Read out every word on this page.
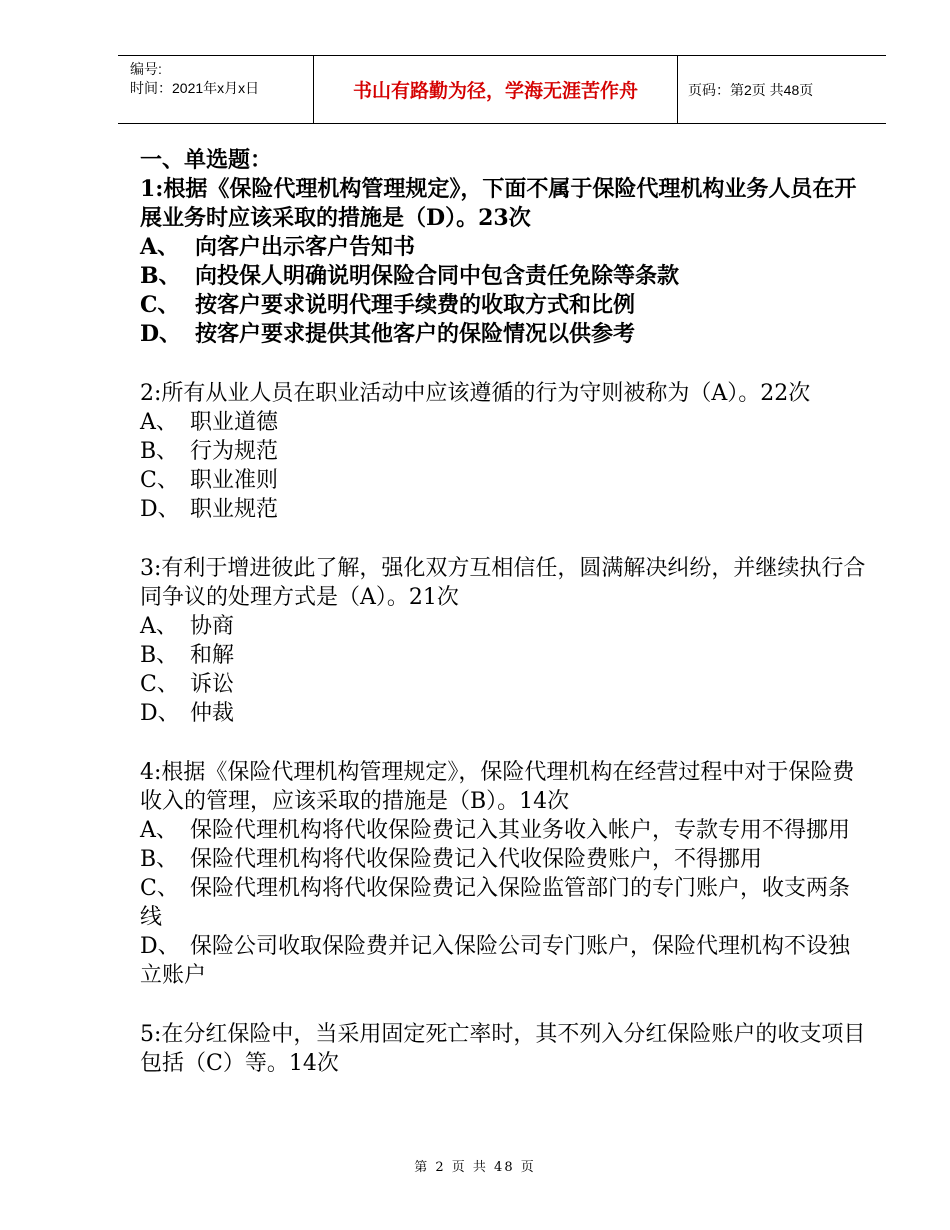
编号:
时间：2021年x月x日	书山有路勤为径，学海无涯苦作舟	页码：第2页 共48页
一、单选题：
1:根据《保险代理机构管理规定》，下面不属于保险代理机构业务人员在开展业务时应该采取的措施是（D）。23次
A、 向客户出示客户告知书
B、 向投保人明确说明保险合同中包含责任免除等条款
C、 按客户要求说明代理手续费的收取方式和比例
D、 按客户要求提供其他客户的保险情况以供参考
2:所有从业人员在职业活动中应该遵循的行为守则被称为（A）。22次
A、 职业道德
B、 行为规范
C、 职业准则
D、 职业规范
3:有利于增进彼此了解，强化双方互相信任，圆满解决纠纷，并继续执行合同争议的处理方式是（A）。21次
A、 协商
B、 和解
C、 诉讼
D、 仲裁
4:根据《保险代理机构管理规定》，保险代理机构在经营过程中对于保险费收入的管理，应该采取的措施是（B）。14次
A、 保险代理机构将代收保险费记入其业务收入帐户，专款专用不得挪用
B、 保险代理机构将代收保险费记入代收保险费账户，不得挪用
C、 保险代理机构将代收保险费记入保险监管部门的专门账户，收支两条线
D、 保险公司收取保险费并记入保险公司专门账户，保险代理机构不设独立账户
5:在分红保险中，当采用固定死亡率时，其不列入分红保险账户的收支项目包括（C）等。14次
第 2 页 共 48 页
